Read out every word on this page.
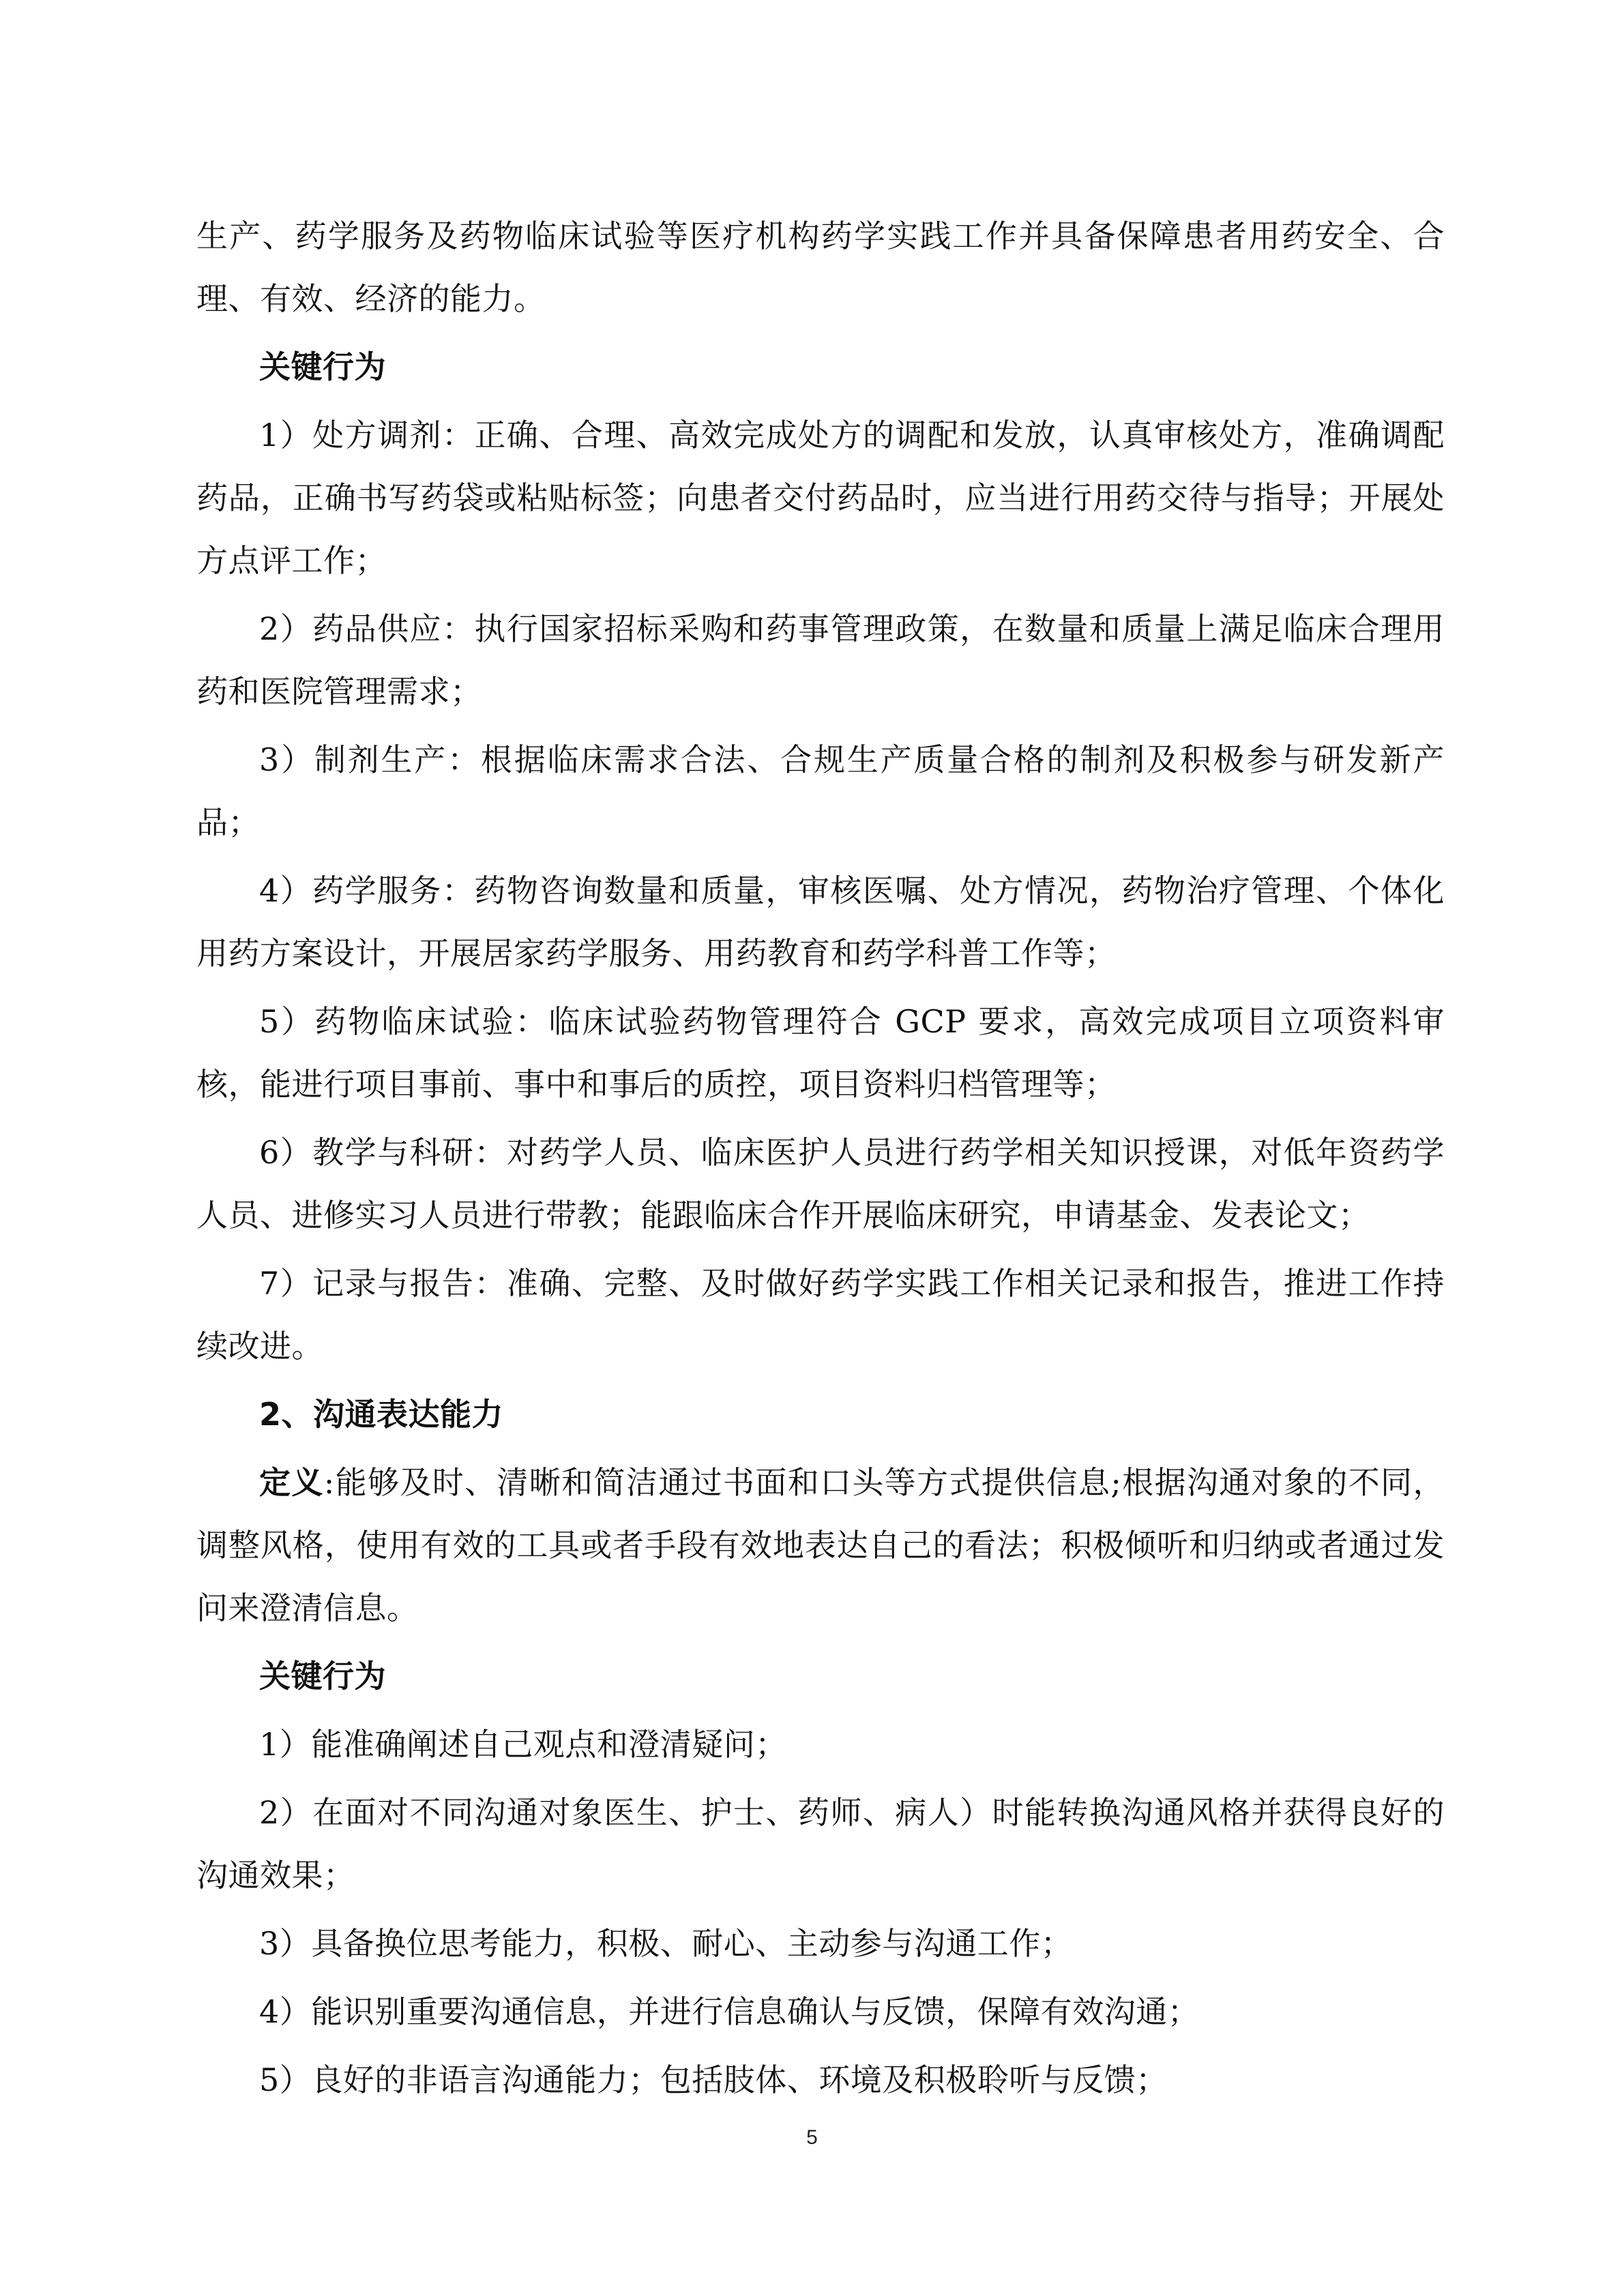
生产、药学服务及药物临床试验等医疗机构药学实践工作并具备保障患者用药安全、合理、有效、经济的能力。

关键行为

1）处方调剂：正确、合理、高效完成处方的调配和发放，认真审核处方，准确调配药品，正确书写药袋或粘贴标签；向患者交付药品时，应当进行用药交待与指导；开展处方点评工作；

2）药品供应：执行国家招标采购和药事管理政策，在数量和质量上满足临床合理用药和医院管理需求；

3）制剂生产：根据临床需求合法、合规生产质量合格的制剂及积极参与研发新产品；

4）药学服务：药物咨询数量和质量，审核医嘱、处方情况，药物治疗管理、个体化用药方案设计，开展居家药学服务、用药教育和药学科普工作等；

5）药物临床试验：临床试验药物管理符合 GCP 要求，高效完成项目立项资料审核，能进行项目事前、事中和事后的质控，项目资料归档管理等；

6）教学与科研：对药学人员、临床医护人员进行药学相关知识授课，对低年资药学人员、进修实习人员进行带教；能跟临床合作开展临床研究，申请基金、发表论文；

7）记录与报告：准确、完整、及时做好药学实践工作相关记录和报告，推进工作持续改进。

2、沟通表达能力

定义:能够及时、清晰和简洁通过书面和口头等方式提供信息;根据沟通对象的不同，调整风格，使用有效的工具或者手段有效地表达自己的看法；积极倾听和归纳或者通过发问来澄清信息。

关键行为

1）能准确阐述自己观点和澄清疑问；

2）在面对不同沟通对象医生、护士、药师、病人）时能转换沟通风格并获得良好的沟通效果；

3）具备换位思考能力，积极、耐心、主动参与沟通工作；

4）能识别重要沟通信息，并进行信息确认与反馈，保障有效沟通；

5）良好的非语言沟通能力；包括肢体、环境及积极聆听与反馈；

5
